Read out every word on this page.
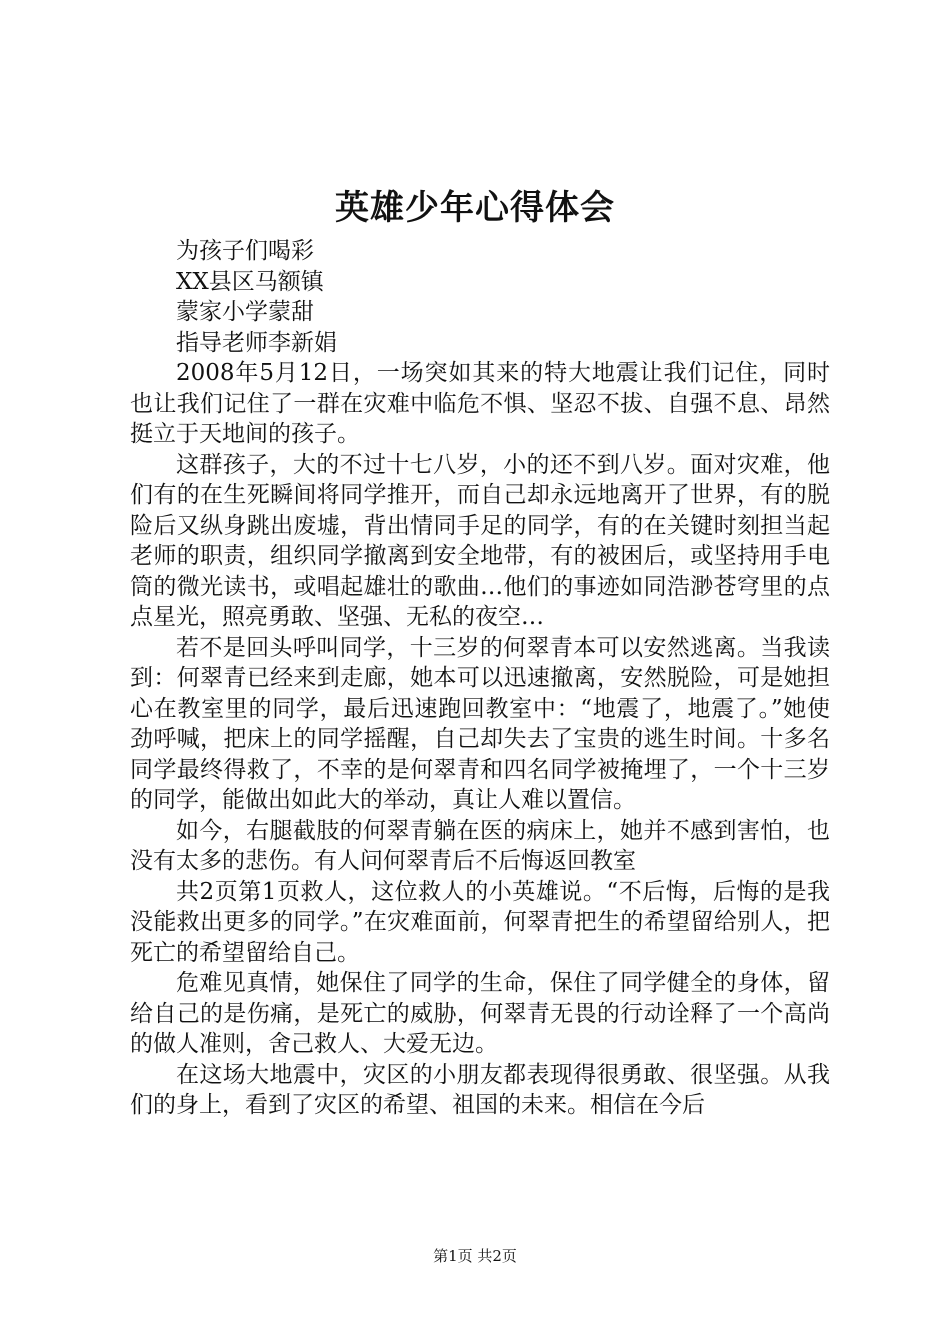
英雄少年心得体会

为孩子们喝彩

XX县区马额镇

蒙家小学蒙甜

指导老师李新娟

2008年5月12日，一场突如其来的特大地震让我们记住，同时也让我们记住了一群在灾难中临危不惧、坚忍不拔、自强不息、昂然挺立于天地间的孩子。

这群孩子，大的不过十七八岁，小的还不到八岁。面对灾难，他们有的在生死瞬间将同学推开，而自己却永远地离开了世界，有的脱险后又纵身跳出废墟，背出情同手足的同学，有的在关键时刻担当起老师的职责，组织同学撤离到安全地带，有的被困后，或坚持用手电筒的微光读书，或唱起雄壮的歌曲…他们的事迹如同浩渺苍穹里的点点星光，照亮勇敢、坚强、无私的夜空…

若不是回头呼叫同学，十三岁的何翠青本可以安然逃离。当我读到：何翠青已经来到走廊，她本可以迅速撤离，安然脱险，可是她担心在教室里的同学，最后迅速跑回教室中：“地震了，地震了。”她使劲呼喊，把床上的同学摇醒，自己却失去了宝贵的逃生时间。十多名同学最终得救了，不幸的是何翠青和四名同学被掩埋了，一个十三岁的同学，能做出如此大的举动，真让人难以置信。

如今，右腿截肢的何翠青躺在医的病床上，她并不感到害怕，也没有太多的悲伤。有人问何翠青后不后悔返回教室

共2页第1页救人，这位救人的小英雄说。“不后悔，后悔的是我没能救出更多的同学。”在灾难面前，何翠青把生的希望留给别人，把死亡的希望留给自己。

危难见真情，她保住了同学的生命，保住了同学健全的身体，留给自己的是伤痛，是死亡的威胁，何翠青无畏的行动诠释了一个高尚的做人准则，舍己救人、大爱无边。

在这场大地震中，灾区的小朋友都表现得很勇敢、很坚强。从我们的身上，看到了灾区的希望、祖国的未来。相信在今后

第1页 共2页
